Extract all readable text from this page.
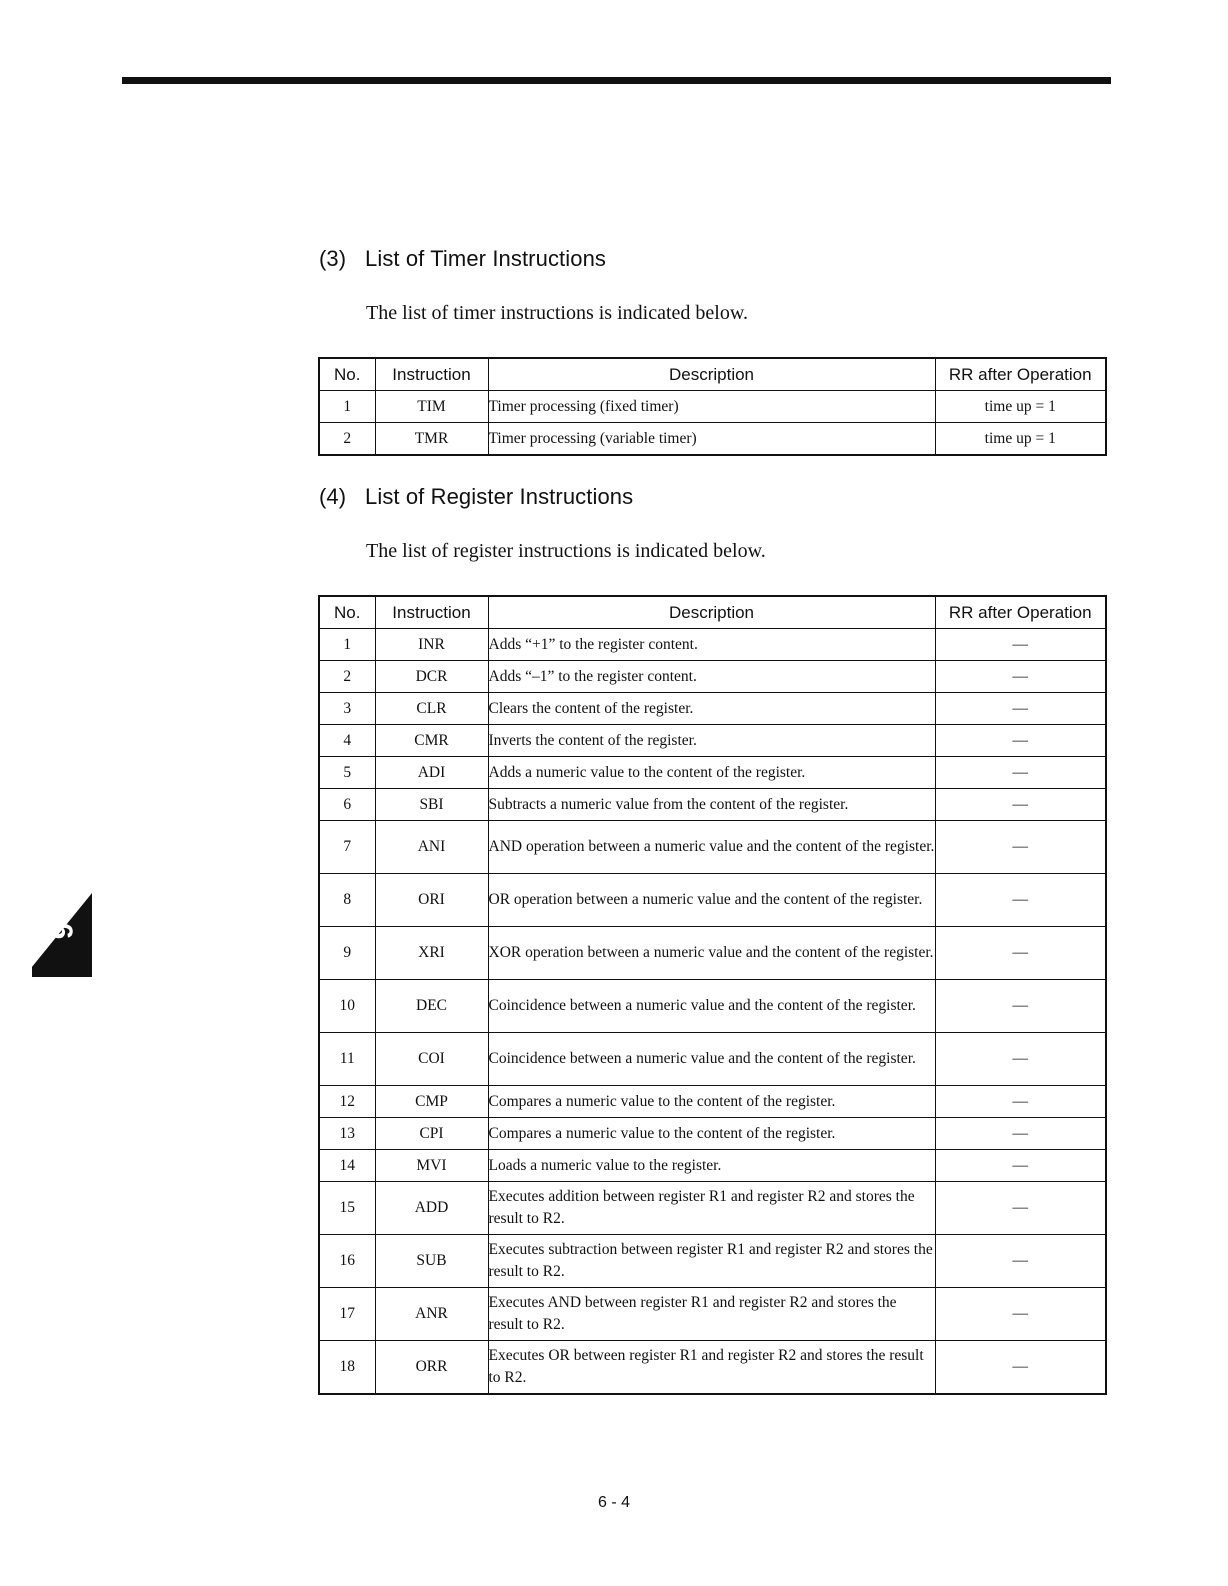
(3) List of Timer Instructions

The list of timer instructions is indicated below.

No.	Instruction	Description	RR after Operation
1	TIM	Timer processing (fixed timer)	time up = 1
2	TMR	Timer processing (variable timer)	time up = 1
(4) List of Register Instructions

The list of register instructions is indicated below.

No.	Instruction	Description	RR after Operation
1	INR	Adds “+1” to the register content.	—
2	DCR	Adds “–1” to the register content.	—
3	CLR	Clears the content of the register.	—
4	CMR	Inverts the content of the register.	—
5	ADI	Adds a numeric value to the content of the register.	—
6	SBI	Subtracts a numeric value from the content of the register.	—
7	ANI	AND operation between a numeric value and the content of the register.	—
8	ORI	OR operation between a numeric value and the content of the register.	—
9	XRI	XOR operation between a numeric value and the content of the register.	—
10	DEC	Coincidence between a numeric value and the content of the register.	—
11	COI	Coincidence between a numeric value and the content of the register.	—
12	CMP	Compares a numeric value to the content of the register.	—
13	CPI	Compares a numeric value to the content of the register.	—
14	MVI	Loads a numeric value to the register.	—
15	ADD	Executes addition between register R1 and register R2 and stores the result to R2.	—
16	SUB	Executes subtraction between register R1 and register R2 and stores the result to R2.	—
17	ANR	Executes AND between register R1 and register R2 and stores the result to R2.	—
18	ORR	Executes OR between register R1 and register R2 and stores the result to R2.	—
6
6 - 4
